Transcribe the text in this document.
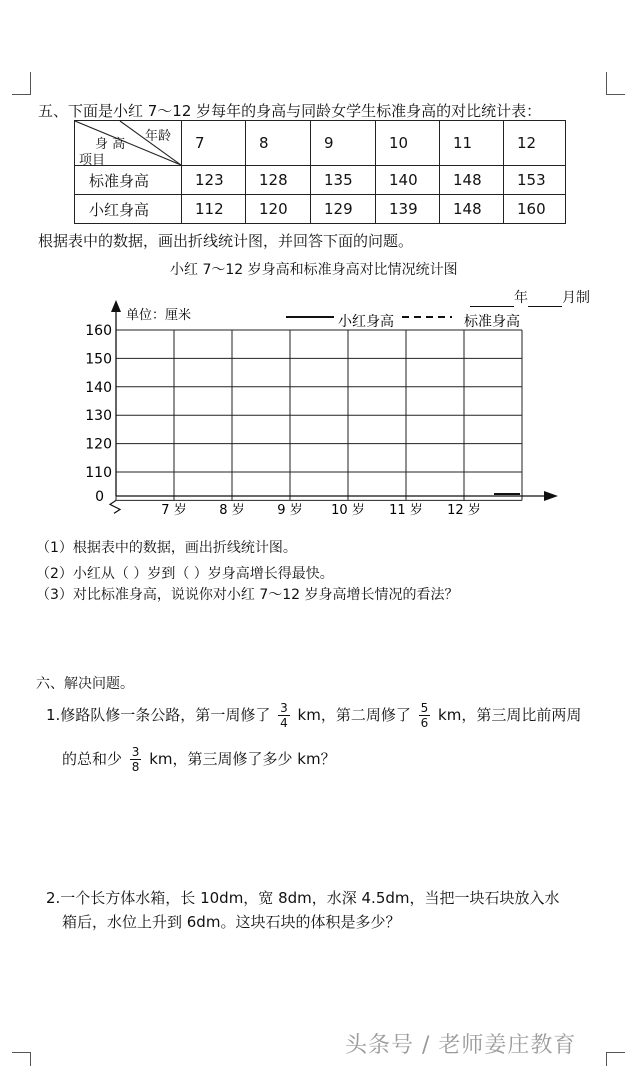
五、下面是小红 7～12 岁每年的身高与同龄女学生标准身高的对比统计表：
年龄
身 高
项目	7	8	9	10	11	12
标准身高	123	128	135	140	148	153
小红身高	112	120	129	139	148	160
根据表中的数据，画出折线统计图，并回答下面的问题。
小红 7～12 岁身高和标准身高对比情况统计图
年 月制
单位：厘米	小红身高	标准身高
160
150
140
130
120
110
0
7 岁	8 岁	9 岁 10 岁 11 岁 12 岁
（1）根据表中的数据，画出折线统计图。
（2）小红从（ ）岁到（ ）岁身高增长得最快。
（3）对比标准身高，说说你对小红 7～12 岁身高增长情况的看法？
六、解决问题。
1.修路队修一条公路，第一周修了 $\frac{3}{4}$ km，第二周修了 $\frac{5}{6}$ km，第三周比前两周
的总和少 $\frac{3}{8}$ km，第三周修了多少 km？
2.一个长方体水箱，长 10dm，宽 8dm，水深 4.5dm，当把一块石块放入水
箱后，水位上升到 6dm。这块石块的体积是多少？
头条号 / 老师姜庄教育
